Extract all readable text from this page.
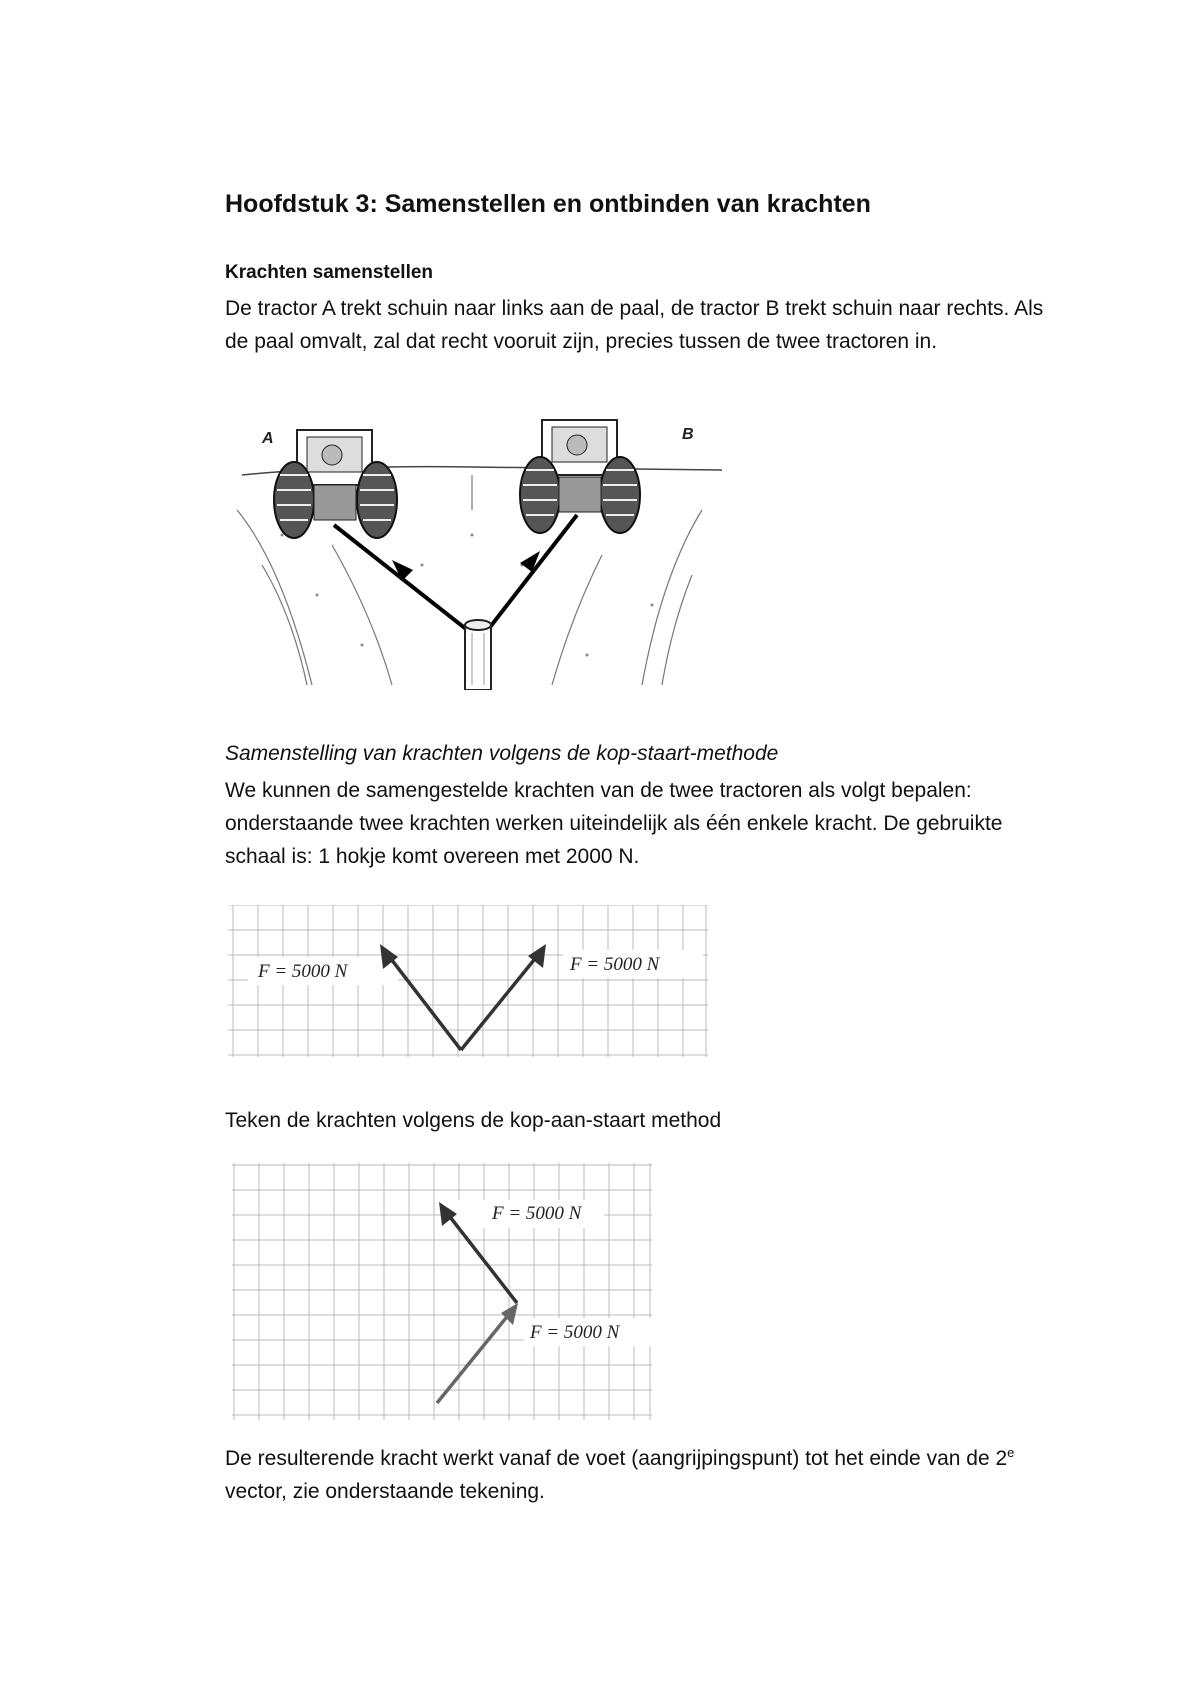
Hoofdstuk 3: Samenstellen en ontbinden van krachten
Krachten samenstellen

De tractor A trekt schuin naar links aan de paal, de tractor B trekt schuin naar rechts. Als de paal omvalt, zal dat recht vooruit zijn, precies tussen de twee tractoren in.

A	B
Samenstelling van krachten volgens de kop-staart-methode

We kunnen de samengestelde krachten van de twee tractoren als volgt bepalen: onderstaande twee krachten werken uiteindelijk als één enkele kracht. De gebruikte schaal is: 1 hokje komt overeen met 2000 N.

F = 5000 N	F = 5000 N

Teken de krachten volgens de kop-aan-staart method

F = 5000 N
F = 5000 N

De resulterende kracht werkt vanaf de voet (aangrijpingspunt) tot het einde van de 2e vector, zie onderstaande tekening.
